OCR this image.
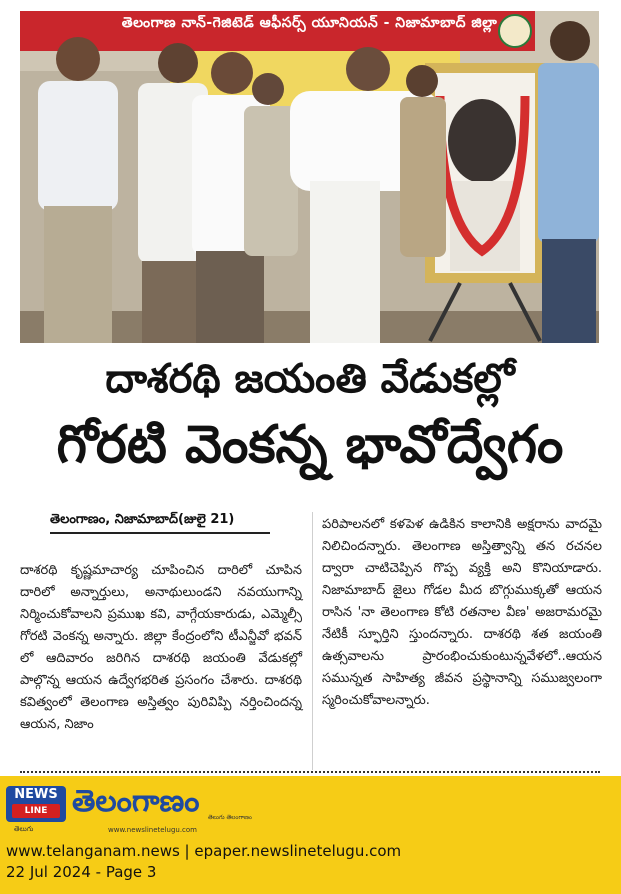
తెలంగాణ నాన్-గెజిటెడ్ ఆఫీసర్స్ యూనియన్ - నిజామాబాద్ జిల్లా
దాశరథి జయంతి వేడుకల్లో
గోరటి వెంకన్న భావోద్వేగం
తెలంగాణం, నిజామాబాద్(జులై 21)
దాశరథి కృష్ణమాచార్య చూపించిన దారిలో చూపిన దారిలో అన్నార్తులు, అనాథులుండని నవయుగాన్ని నిర్మించుకోవాలని ప్రముఖ కవి, వాగ్గేయకారుడు, ఎమ్మెల్సీ గోరటి వెంకన్న అన్నారు. జిల్లా కేంద్రంలోని టీఎన్జీవో భవన్ లో ఆదివారం జరిగిన దాశరథి జయంతి వేడుకల్లో పాల్గొన్న ఆయన ఉద్వేగభరిత ప్రసంగం చేశారు. దాశరథి కవిత్వంలో తెలంగాణ అస్తిత్వం పురివిప్పి నర్తించిందన్న ఆయన, నిజాం
పరిపాలనలో కళపెళ ఉడికిన కాలానికి అక్షరాను వాదమై నిలిచిందన్నారు. తెలంగాణ అస్తిత్వాన్ని తన రచనల ద్వారా చాటిచెప్పిన గొప్ప వ్యక్తి అని కొనియాడారు. నిజామాబాద్ జైలు గోడల మీద బొగ్గుముక్కతో ఆయన రాసిన 'నా తెలంగాణ కోటి రతనాల వీణ' అజరామరమై నేటికీ స్ఫూర్తిని స్తుందన్నారు. దాశరథి శత జయంతి ఉత్సవాలను ప్రారంభించుకుంటున్నవేళలో..ఆయన సమున్నత సాహిత్య జీవన ప్రస్థానాన్ని సముజ్వలంగా స్మరించుకోవాలన్నారు.
NEWS
LINE
తెలుగు
తెలంగాణం తెలుగు తెలంగాణం
www.newslinetelugu.com
www.telanganam.news | epaper.newslinetelugu.com
22 Jul 2024 - Page 3
